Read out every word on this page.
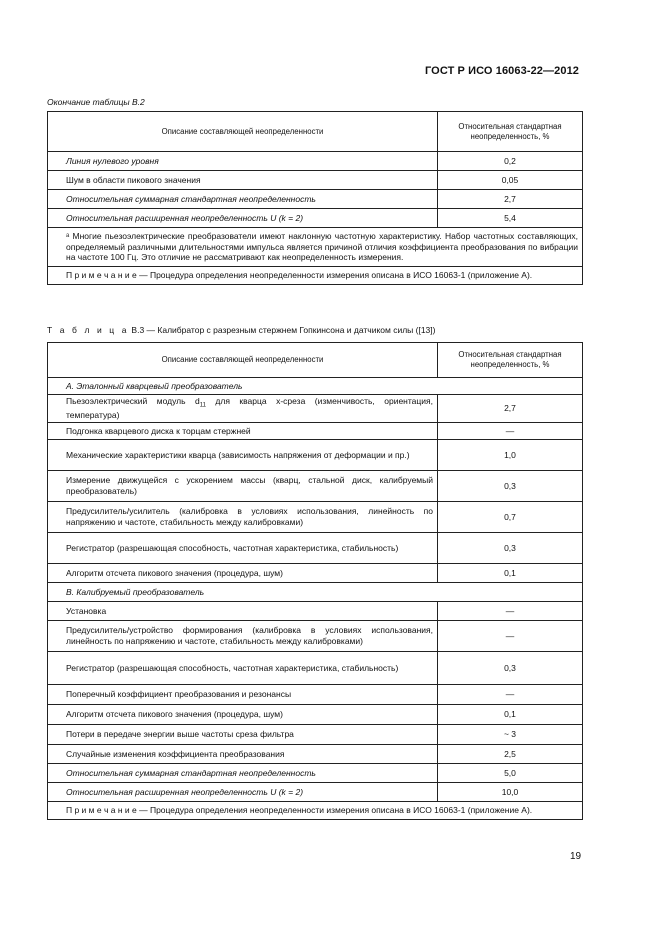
ГОСТ Р ИСО 16063-22—2012
Окончание таблицы В.2
Описание составляющей неопределенности	Относительная стандартная неопределенность, %
Линия нулевого уровня	0,2
Шум в области пикового значения	0,05
Относительная суммарная стандартная неопределенность	2,7
Относительная расширенная неопределенность U (k = 2)	5,4
ᵃ Многие пьезоэлектрические преобразователи имеют наклонную частотную характеристику. Набор частотных составляющих, определяемый различными длительностями импульса является причиной отличия коэффициента преобразования по вибрации на частоте 100 Гц. Это отличие не рассматривают как неопределенность измерения.	
П р и м е ч а н и е — Процедура определения неопределенности измерения описана в ИСО 16063-1 (приложение А).	
Т а б л и ц а В.3 — Калибратор с разрезным стержнем Гопкинсона и датчиком силы ([13])
Описание составляющей неопределенности	Относительная стандартная неопределенность, %
А. Эталонный кварцевый преобразователь	
Пьезоэлектрический модуль $d_{11}$ для кварца x-среза (изменчивость, ориентация, температура)	2,7
Подгонка кварцевого диска к торцам стержней	—
Механические характеристики кварца (зависимость напряжения от деформации и пр.)	1,0
Измерение движущейся с ускорением массы (кварц, стальной диск, калибруемый преобразователь)	0,3
Предусилитель/усилитель (калибровка в условиях использования, линейность по напряжению и частоте, стабильность между калибровками)	0,7
Регистратор (разрешающая способность, частотная характеристика, стабильность)	0,3
Алгоритм отсчета пикового значения (процедура, шум)	0,1
В. Калибруемый преобразователь	
Установка	—
Предусилитель/устройство формирования (калибровка в условиях использования, линейность по напряжению и частоте, стабильность между калибровками)	—
Регистратор (разрешающая способность, частотная характеристика, стабильность)	0,3
Поперечный коэффициент преобразования и резонансы	—
Алгоритм отсчета пикового значения (процедура, шум)	0,1
Потери в передаче энергии выше частоты среза фильтра	~ 3
Случайные изменения коэффициента преобразования	2,5
Относительная суммарная стандартная неопределенность	5,0
Относительная расширенная неопределенность U (k = 2)	10,0
П р и м е ч а н и е — Процедура определения неопределенности измерения описана в ИСО 16063-1 (приложение А).	
19
